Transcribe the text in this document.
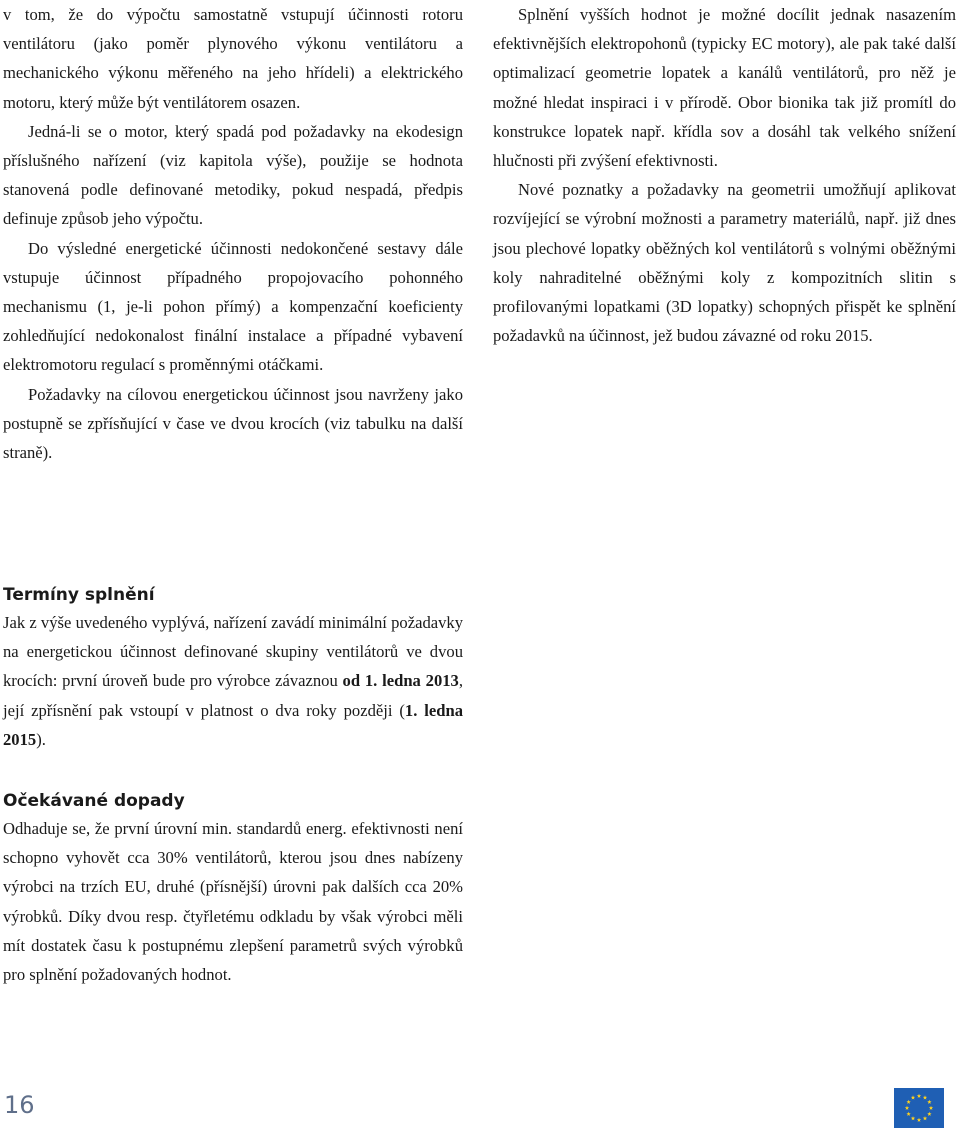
v tom, že do výpočtu samostatně vstupují účinnosti rotoru ventilátoru (jako poměr plynového výkonu ventilátoru a mechanického výkonu měřeného na jeho hřídeli) a elektrického motoru, který může být ventilátorem osazen.

Jedná-li se o motor, který spadá pod požadavky na ekodesign příslušného nařízení (viz kapitola výše), použije se hodnota stanovená podle definované metodiky, pokud nespadá, předpis definuje způsob jeho výpočtu.

Do výsledné energetické účinnosti nedokončené sestavy dále vstupuje účinnost případného propojovacího pohonného mechanismu (1, je-li pohon přímý) a kompenzační koeficienty zohledňující nedokonalost finální instalace a případné vybavení elektromotoru regulací s proměnnými otáčkami.

Požadavky na cílovou energetickou účinnost jsou navrženy jako postupně se zpřísňující v čase ve dvou krocích (viz tabulku na další straně).

Splnění vyšších hodnot je možné docílit jednak nasazením efektivnějších elektropohonů (typicky EC motory), ale pak také další optimalizací geometrie lopatek a kanálů ventilátorů, pro něž je možné hledat inspiraci i v přírodě. Obor bionika tak již promítl do konstrukce lopatek např. křídla sov a dosáhl tak velkého snížení hlučnosti při zvýšení efektivnosti.

Nové poznatky a požadavky na geometrii umožňují aplikovat rozvíjející se výrobní možnosti a parametry materiálů, např. již dnes jsou plechové lopatky oběžných kol ventilátorů s volnými oběžnými koly nahraditelné oběžnými koly z kompozitních slitin s profilovanými lopatkami (3D lopatky) schopných přispět ke splnění požadavků na účinnost, jež budou závazné od roku 2015.

Termíny splnění

Jak z výše uvedeného vyplývá, nařízení zavádí minimální požadavky na energetickou účinnost definované skupiny ventilátorů ve dvou krocích: první úroveň bude pro výrobce závaznou od 1. ledna 2013, její zpřísnění pak vstoupí v platnost o dva roky později (1. ledna 2015).

Očekávané dopady

Odhaduje se, že první úrovní min. standardů energ. efektivnosti není schopno vyhovět cca 30% ventilátorů, kterou jsou dnes nabízeny výrobci na trzích EU, druhé (přísnější) úrovni pak dalších cca 20% výrobků. Díky dvou resp. čtyřletému odkladu by však výrobci měli mít dostatek času k postupnému zlepšení parametrů svých výrobků pro splnění požadovaných hodnot.

16
